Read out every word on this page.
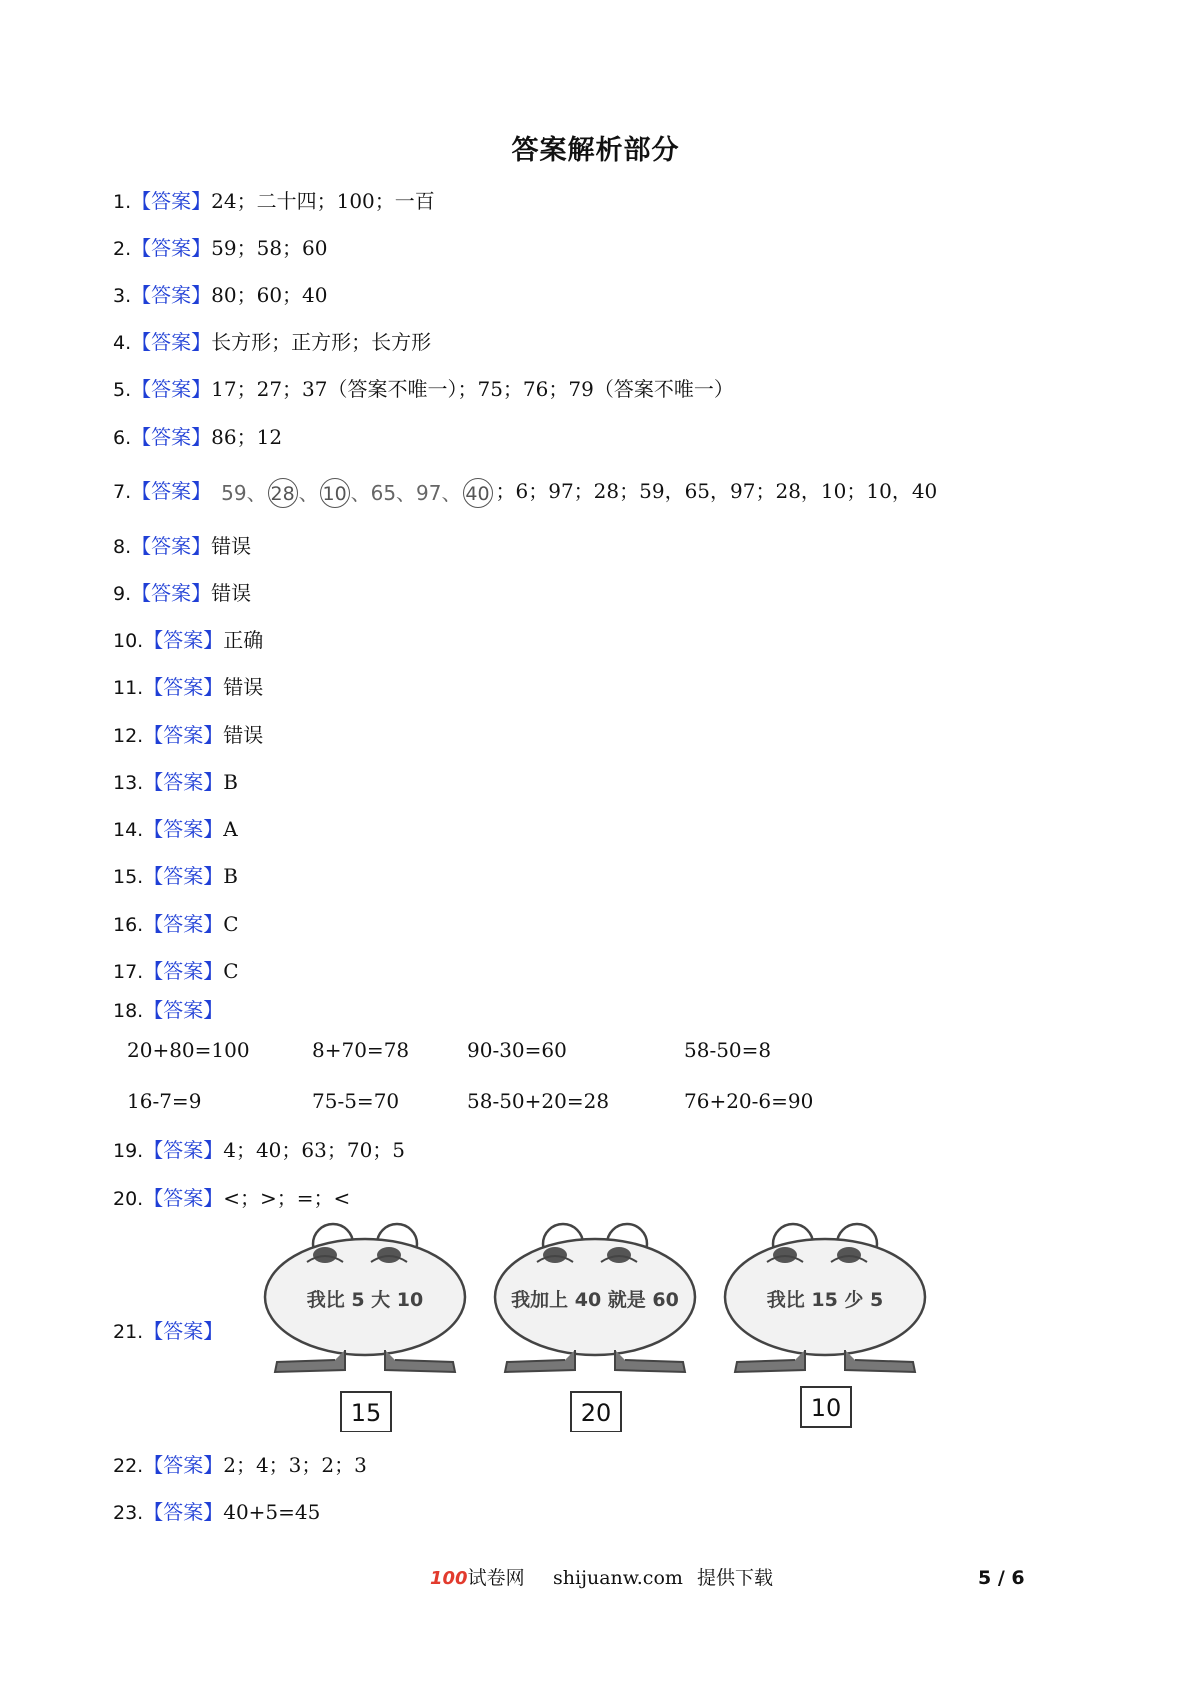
答案解析部分
1.【答案】24；二十四；100；一百
2.【答案】59；58；60
3.【答案】80；60；40
4.【答案】长方形；正方形；长方形
5.【答案】17；27；37（答案不唯一）；75；76；79（答案不唯一）
6.【答案】86；12
7.【答案】 59、 28 、 10 、65、97、 40 ；6；97；28；59，65，97；28，10；10，40
8.【答案】错误
9.【答案】错误
10.【答案】正确
11.【答案】错误
12.【答案】错误
13.【答案】B
14.【答案】A
15.【答案】B
16.【答案】C
17.【答案】C
18.【答案】
19.【答案】4；40；63；70；5
20.【答案】<；>；=；<
21.【答案】
22.【答案】2；4；3；2；3
23.【答案】40+5=45
20+80=100	8+70=78	90-30=60	58-50=8
16-7=9	75-5=70	58-50+20=28	76+20-6=90
我比 5 大 10
15
我加上 40 就是 60
20
我比 15 少 5
10
100试卷网 shijuanw.com 提供下载	5 / 6
